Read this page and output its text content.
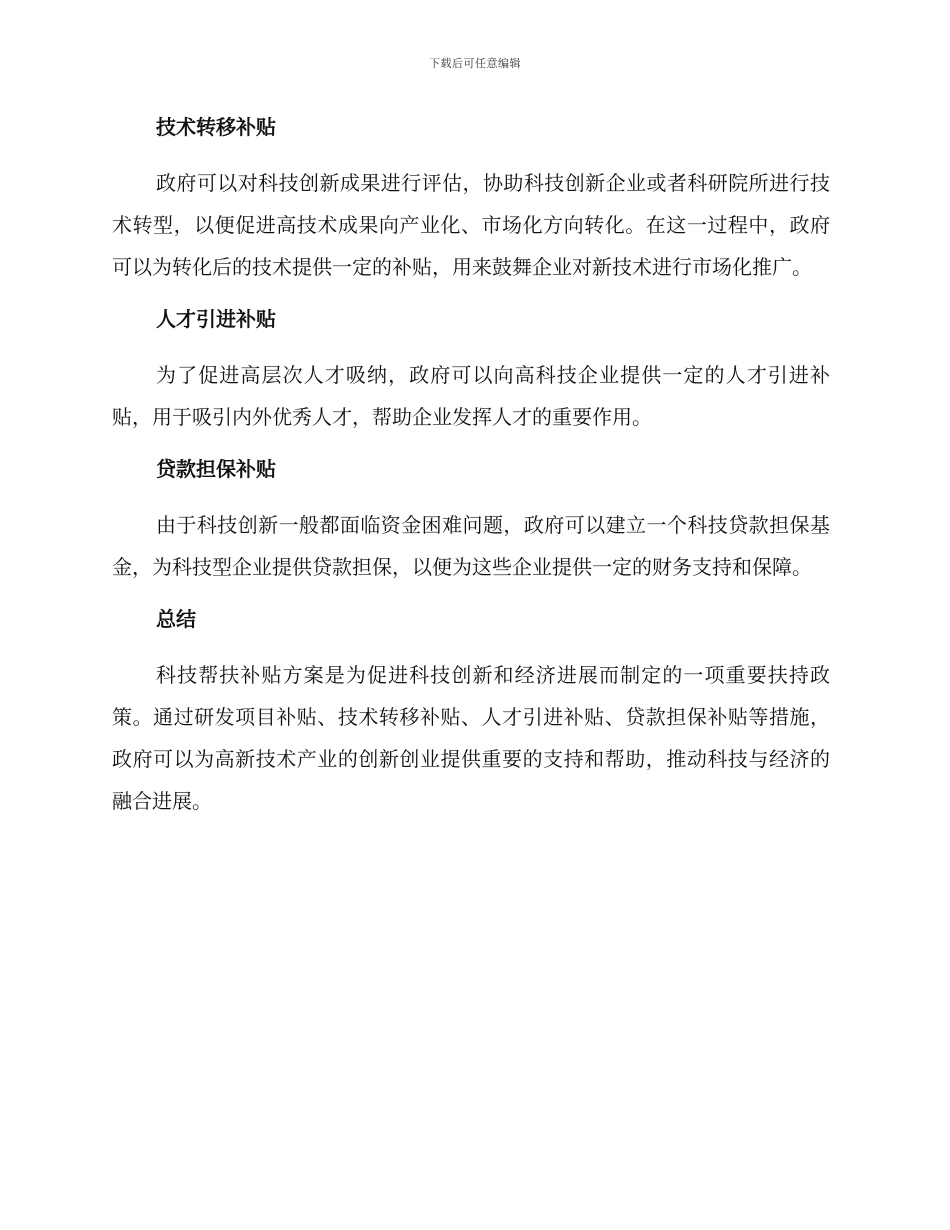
下载后可任意编辑
技术转移补贴

政府可以对科技创新成果进行评估，协助科技创新企业或者科研院所进行技术转型，以便促进高技术成果向产业化、市场化方向转化。在这一过程中，政府可以为转化后的技术提供一定的补贴，用来鼓舞企业对新技术进行市场化推广。

人才引进补贴

为了促进高层次人才吸纳，政府可以向高科技企业提供一定的人才引进补贴，用于吸引内外优秀人才，帮助企业发挥人才的重要作用。

贷款担保补贴

由于科技创新一般都面临资金困难问题，政府可以建立一个科技贷款担保基金，为科技型企业提供贷款担保，以便为这些企业提供一定的财务支持和保障。

总结

科技帮扶补贴方案是为促进科技创新和经济进展而制定的一项重要扶持政策。通过研发项目补贴、技术转移补贴、人才引进补贴、贷款担保补贴等措施，政府可以为高新技术产业的创新创业提供重要的支持和帮助，推动科技与经济的融合进展。
